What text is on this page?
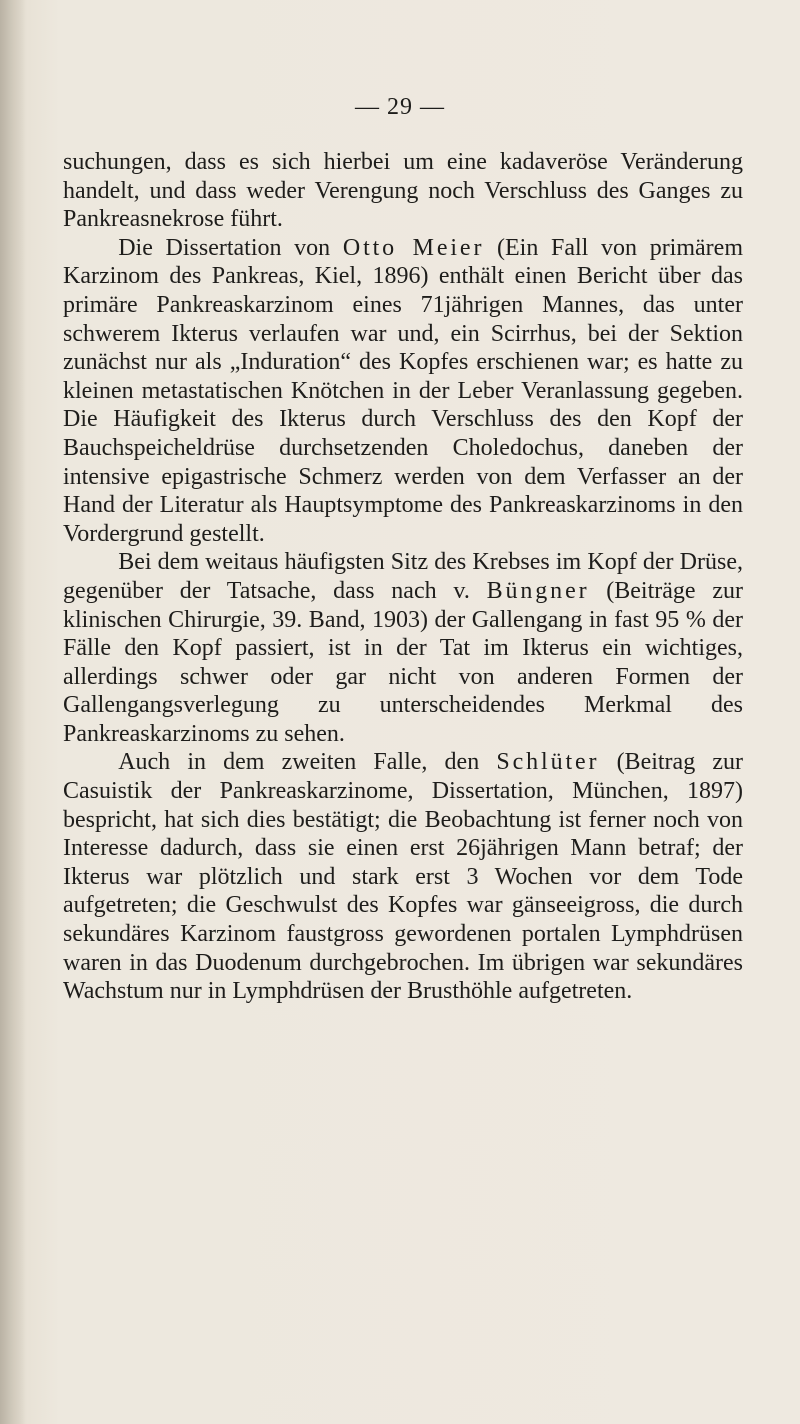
— 29 —

suchungen, dass es sich hierbei um eine kadaveröse Veränderung handelt, und dass weder Verengung noch Verschluss des Ganges zu Pankreasnekrose führt.

Die Dissertation von Otto Meier (Ein Fall von primärem Karzinom des Pankreas, Kiel, 1896) enthält einen Bericht über das primäre Pankreaskarzinom eines 71jährigen Mannes, das unter schwerem Ikterus verlaufen war und, ein Scirrhus, bei der Sektion zunächst nur als „Induration“ des Kopfes erschienen war; es hatte zu kleinen metastatischen Knötchen in der Leber Veranlassung gegeben. Die Häufigkeit des Ikterus durch Verschluss des den Kopf der Bauchspeicheldrüse durchsetzenden Choledochus, daneben der intensive epigastrische Schmerz werden von dem Verfasser an der Hand der Literatur als Hauptsymptome des Pankreaskarzinoms in den Vordergrund gestellt.

Bei dem weitaus häufigsten Sitz des Krebses im Kopf der Drüse, gegenüber der Tatsache, dass nach v. Büngner (Beiträge zur klinischen Chirurgie, 39. Band, 1903) der Gallengang in fast 95 % der Fälle den Kopf passiert, ist in der Tat im Ikterus ein wichtiges, allerdings schwer oder gar nicht von anderen Formen der Gallengangsverlegung zu unterscheidendes Merkmal des Pankreaskarzinoms zu sehen.

Auch in dem zweiten Falle, den Schlüter (Beitrag zur Casuistik der Pankreaskarzinome, Dissertation, München, 1897) bespricht, hat sich dies bestätigt; die Beobachtung ist ferner noch von Interesse dadurch, dass sie einen erst 26jährigen Mann betraf; der Ikterus war plötzlich und stark erst 3 Wochen vor dem Tode aufgetreten; die Geschwulst des Kopfes war gänseeigross, die durch sekundäres Karzinom faustgross gewordenen portalen Lymphdrüsen waren in das Duodenum durchgebrochen. Im übrigen war sekundäres Wachstum nur in Lymphdrüsen der Brusthöhle aufgetreten.
